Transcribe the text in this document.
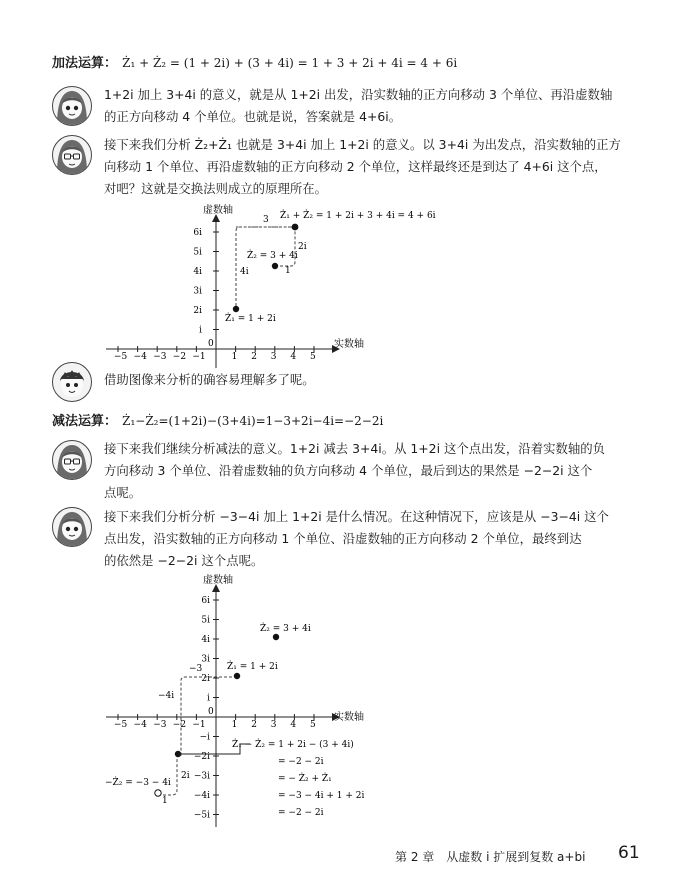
加法运算： Ż₁ + Ż₂ = (1 + 2i) + (3 + 4i) = 1 + 3 + 2i + 4i = 4 + 6i
1+2i 加上 3+4i 的意义，就是从 1+2i 出发，沿实数轴的正方向移动 3 个单位、再沿虚数轴
的正方向移动 4 个单位。也就是说，答案就是 4+6i。
接下来我们分析 Ż₂+Ż₁ 也就是 3+4i 加上 1+2i 的意义。以 3+4i 为出发点，沿实数轴的正方
向移动 1 个单位、再沿虚数轴的正方向移动 2 个单位，这样最终还是到达了 4+6i 这个点，
对吧？这就是交换法则成立的原理所在。
虚数轴
实数轴
−5 −4 −3 −2 −1
0
1 2 3 4 5
i
2i
3i
4i
5i
6i
Ż₁ + Ż₂ = 1 + 2i + 3 + 4i = 4 + 6i
Ż₂ = 3 + 4i
Ż₁ = 1 + 2i
3
4i
2i
1
借助图像来分析的确容易理解多了呢。
减法运算： Ż₁−Ż₂=(1+2i)−(3+4i)=1−3+2i−4i=−2−2i
接下来我们继续分析减法的意义。1+2i 减去 3+4i。从 1+2i 这个点出发，沿着实数轴的负
方向移动 3 个单位、沿着虚数轴的负方向移动 4 个单位，最后到达的果然是 −2−2i 这个
点呢。
接下来我们分析分析 −3−4i 加上 1+2i 是什么情况。在这种情况下，应该是从 −3−4i 这个
点出发，沿实数轴的正方向移动 1 个单位、沿虚数轴的正方向移动 2 个单位，最终到达
的依然是 −2−2i 这个点呢。
虚数轴
实数轴
−5 −4 −3 −2 −1
0
1 2 3 4 5
i
2i
3i
4i
5i
6i
−i
−2i
−3i
−4i
−5i
Ż₂ = 3 + 4i
Ż₁ = 1 + 2i
−Ż₂ = −3 − 4i
−3
−4i
2i
1
Ż₁ − Ż₂ = 1 + 2i − (3 + 4i)
= −2 − 2i
= − Ż₂ + Ż₁
= −3 − 4i + 1 + 2i
= −2 − 2i
第 2 章　从虚数 i 扩展到复数 a+bi 61
